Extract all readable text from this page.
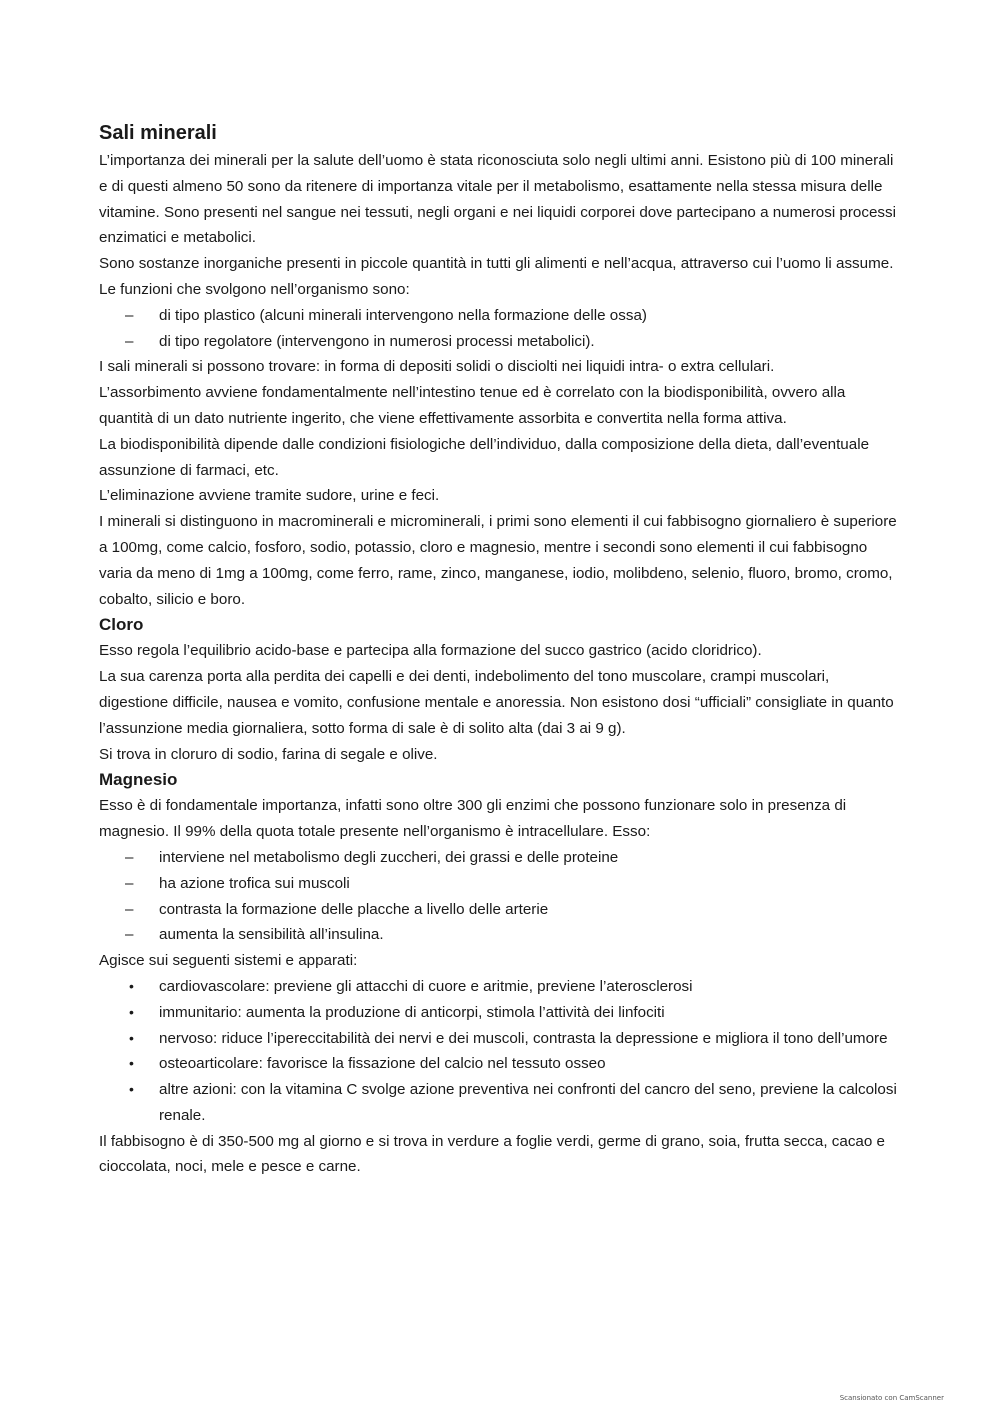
Sali minerali

L’importanza dei minerali per la salute dell’uomo è stata riconosciuta solo negli ultimi anni. Esistono più di 100 minerali e di questi almeno 50 sono da ritenere di importanza vitale per il metabolismo, esattamente nella stessa misura delle vitamine. Sono presenti nel sangue nei tessuti, negli organi e nei liquidi corporei dove partecipano a numerosi processi enzimatici e metabolici.

Sono sostanze inorganiche presenti in piccole quantità in tutti gli alimenti e nell’acqua, attraverso cui l’uomo li assume. Le funzioni che svolgono nell’organismo sono:

– di tipo plastico (alcuni minerali intervengono nella formazione delle ossa)
– di tipo regolatore (intervengono in numerosi processi metabolici).

I sali minerali si possono trovare: in forma di depositi solidi o disciolti nei liquidi intra- o extra cellulari.

L’assorbimento avviene fondamentalmente nell’intestino tenue ed è correlato con la biodisponibilità, ovvero alla quantità di un dato nutriente ingerito, che viene effettivamente assorbita e convertita nella forma attiva.

La biodisponibilità dipende dalle condizioni fisiologiche dell’individuo, dalla composizione della dieta, dall’eventuale assunzione di farmaci, etc.

L’eliminazione avviene tramite sudore, urine e feci.

I minerali si distinguono in macrominerali e microminerali, i primi sono elementi il cui fabbisogno giornaliero è superiore a 100mg, come calcio, fosforo, sodio, potassio, cloro e magnesio, mentre i secondi sono elementi il cui fabbisogno varia da meno di 1mg a 100mg, come ferro, rame, zinco, manganese, iodio, molibdeno, selenio, fluoro, bromo, cromo, cobalto, silicio e boro.

Cloro

Esso regola l’equilibrio acido-base e partecipa alla formazione del succo gastrico (acido cloridrico).

La sua carenza porta alla perdita dei capelli e dei denti, indebolimento del tono muscolare, crampi muscolari, digestione difficile, nausea e vomito, confusione mentale e anoressia. Non esistono dosi “ufficiali” consigliate in quanto l’assunzione media giornaliera, sotto forma di sale è di solito alta (dai 3 ai 9 g).

Si trova in cloruro di sodio, farina di segale e olive.

Magnesio

Esso è di fondamentale importanza, infatti sono oltre 300 gli enzimi che possono funzionare solo in presenza di magnesio. Il 99% della quota totale presente nell’organismo è intracellulare. Esso:

– interviene nel metabolismo degli zuccheri, dei grassi e delle proteine
– ha azione trofica sui muscoli
– contrasta la formazione delle placche a livello delle arterie
– aumenta la sensibilità all’insulina.

Agisce sui seguenti sistemi e apparati:

• cardiovascolare: previene gli attacchi di cuore e aritmie, previene l’aterosclerosi
• immunitario: aumenta la produzione di anticorpi, stimola l’attività dei linfociti
• nervoso: riduce l’ipereccitabilità dei nervi e dei muscoli, contrasta la depressione e migliora il tono dell’umore
• osteoarticolare: favorisce la fissazione del calcio nel tessuto osseo
• altre azioni: con la vitamina C svolge azione preventiva nei confronti del cancro del seno, previene la calcolosi renale.

Il fabbisogno è di 350-500 mg al giorno e si trova in verdure a foglie verdi, germe di grano, soia, frutta secca, cacao e cioccolata, noci, mele e pesce e carne.

Scansionato con CamScanner
